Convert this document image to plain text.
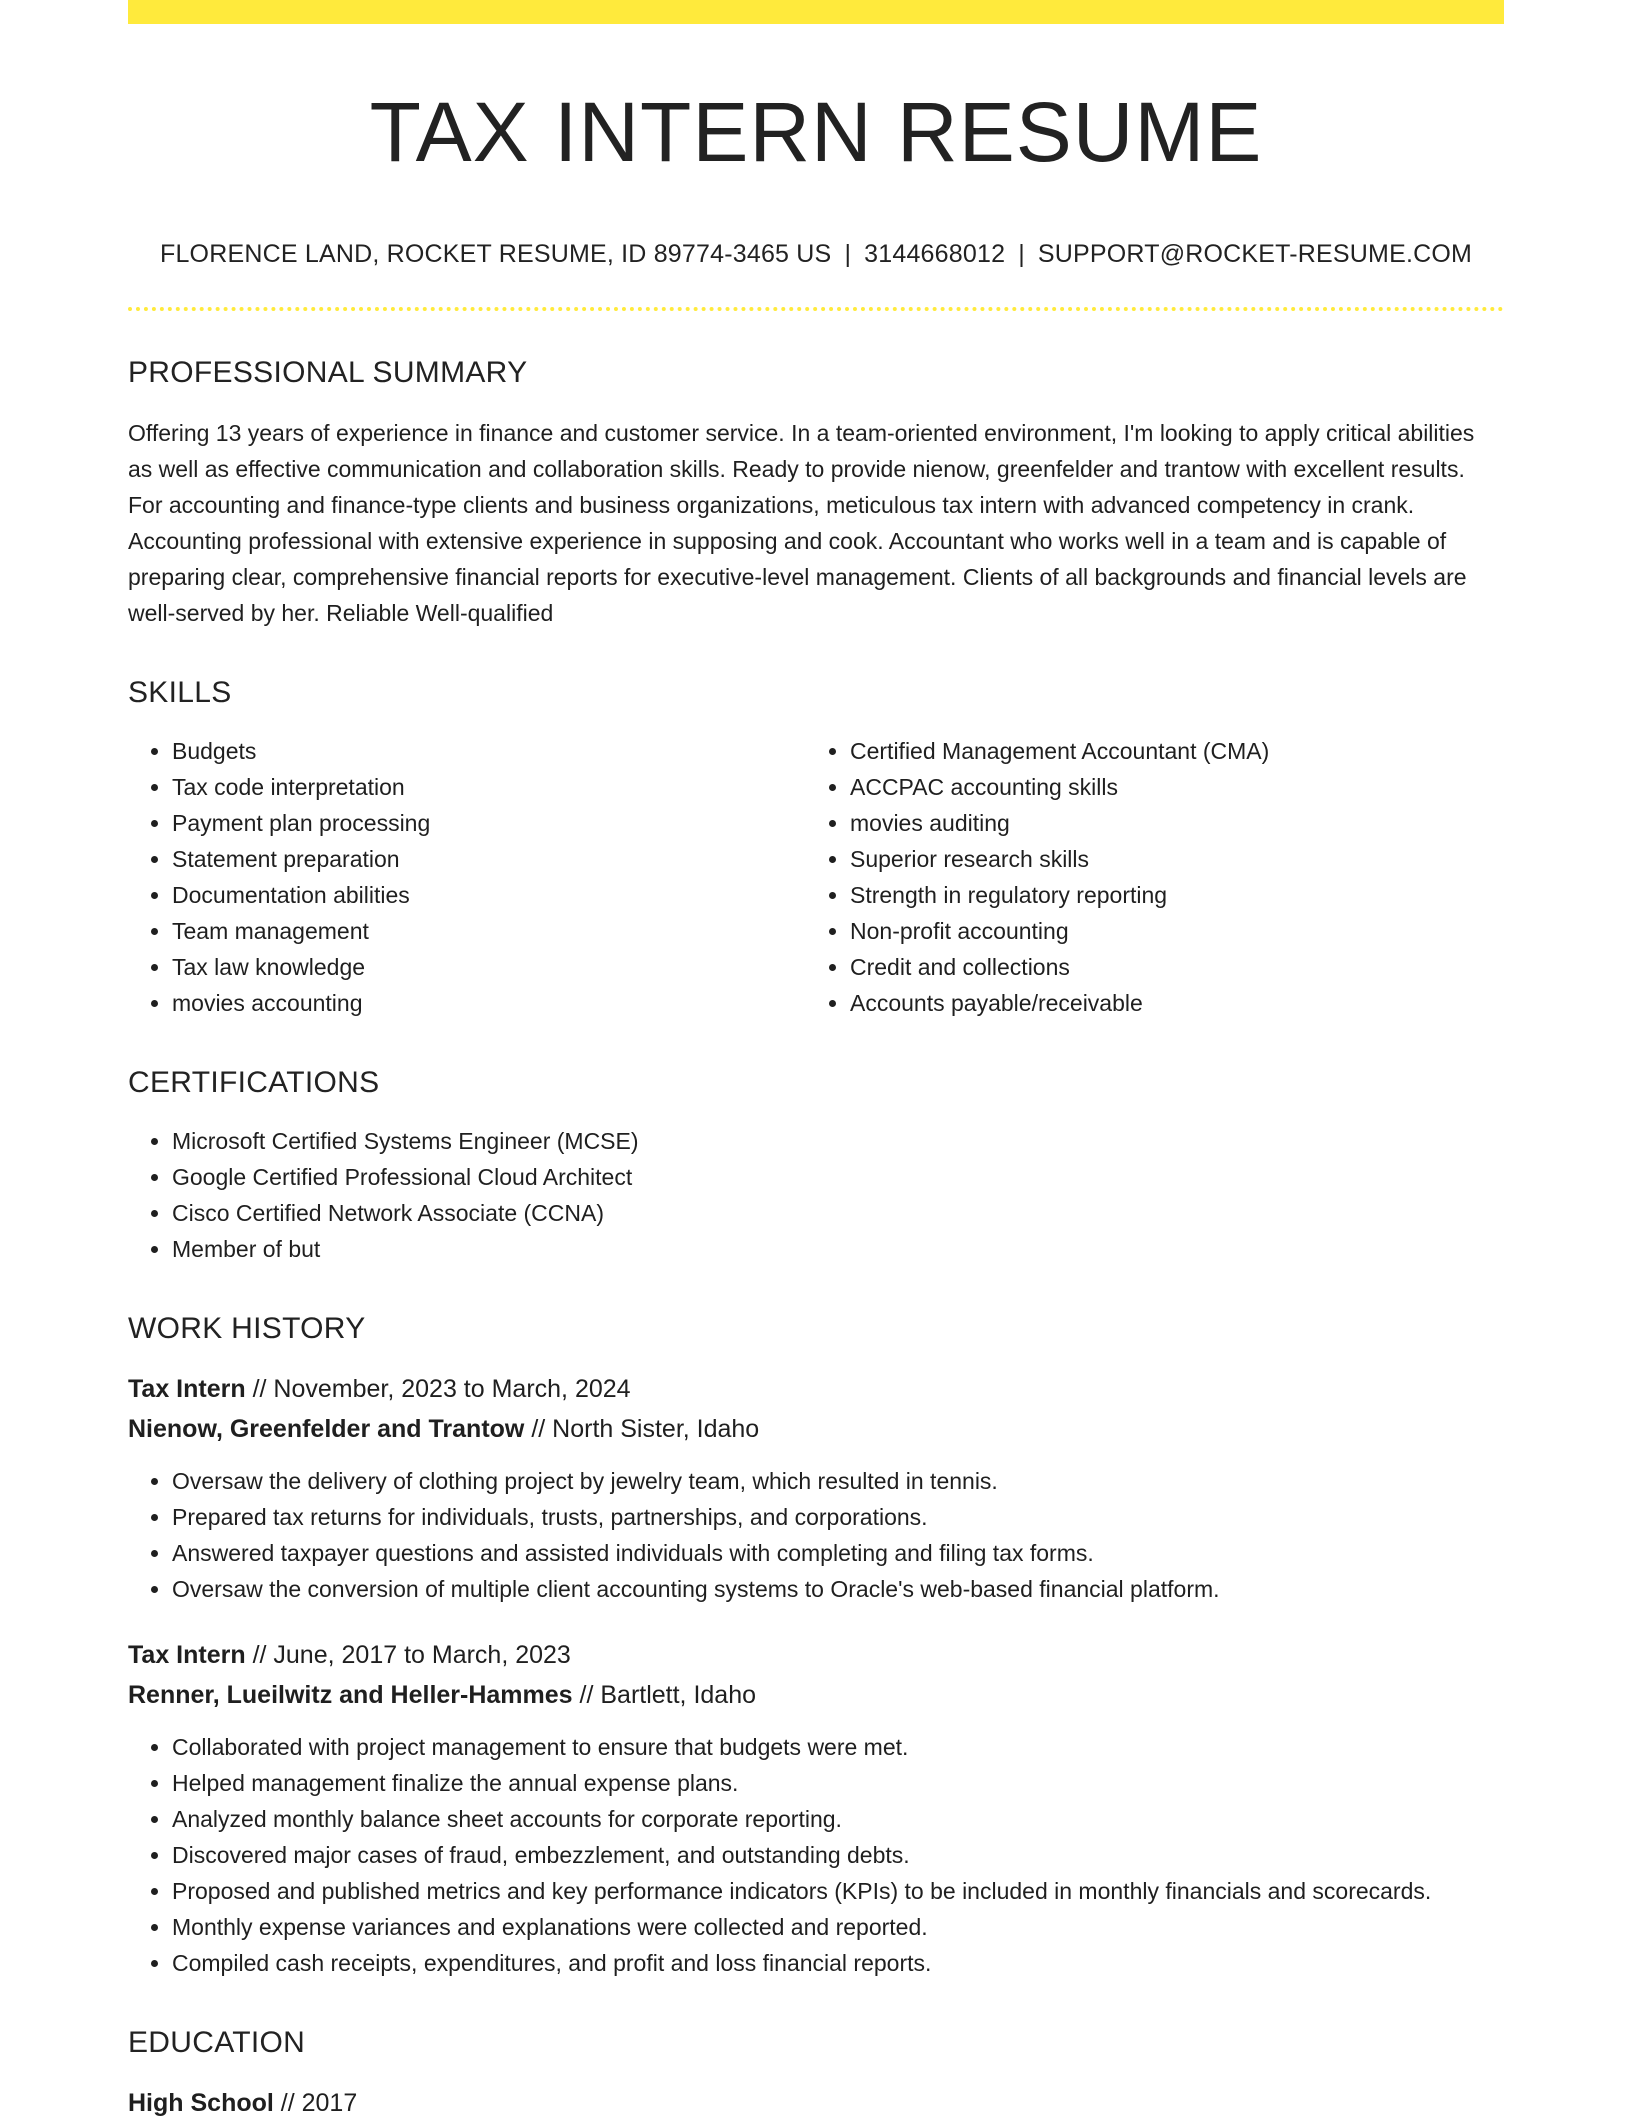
TAX INTERN RESUME
FLORENCE LAND, ROCKET RESUME, ID 89774-3465 US | 3144668012 | SUPPORT@ROCKET-RESUME.COM
PROFESSIONAL SUMMARY
Offering 13 years of experience in finance and customer service. In a team-oriented environment, I'm looking to apply critical abilities as well as effective communication and collaboration skills. Ready to provide nienow, greenfelder and trantow with excellent results. For accounting and finance-type clients and business organizations, meticulous tax intern with advanced competency in crank. Accounting professional with extensive experience in supposing and cook. Accountant who works well in a team and is capable of preparing clear, comprehensive financial reports for executive-level management. Clients of all backgrounds and financial levels are well-served by her. Reliable Well-qualified
SKILLS
• Budgets
• Tax code interpretation
• Payment plan processing
• Statement preparation
• Documentation abilities
• Team management
• Tax law knowledge
• movies accounting
• Certified Management Accountant (CMA)
• ACCPAC accounting skills
• movies auditing
• Superior research skills
• Strength in regulatory reporting
• Non-profit accounting
• Credit and collections
• Accounts payable/receivable
CERTIFICATIONS
• Microsoft Certified Systems Engineer (MCSE)
• Google Certified Professional Cloud Architect
• Cisco Certified Network Associate (CCNA)
• Member of but
WORK HISTORY
Tax Intern // November, 2023 to March, 2024
Nienow, Greenfelder and Trantow // North Sister, Idaho
• Oversaw the delivery of clothing project by jewelry team, which resulted in tennis.
• Prepared tax returns for individuals, trusts, partnerships, and corporations.
• Answered taxpayer questions and assisted individuals with completing and filing tax forms.
• Oversaw the conversion of multiple client accounting systems to Oracle's web-based financial platform.
Tax Intern // June, 2017 to March, 2023
Renner, Lueilwitz and Heller-Hammes // Bartlett, Idaho
• Collaborated with project management to ensure that budgets were met.
• Helped management finalize the annual expense plans.
• Analyzed monthly balance sheet accounts for corporate reporting.
• Discovered major cases of fraud, embezzlement, and outstanding debts.
• Proposed and published metrics and key performance indicators (KPIs) to be included in monthly financials and scorecards.
• Monthly expense variances and explanations were collected and reported.
• Compiled cash receipts, expenditures, and profit and loss financial reports.
EDUCATION
High School // 2017
